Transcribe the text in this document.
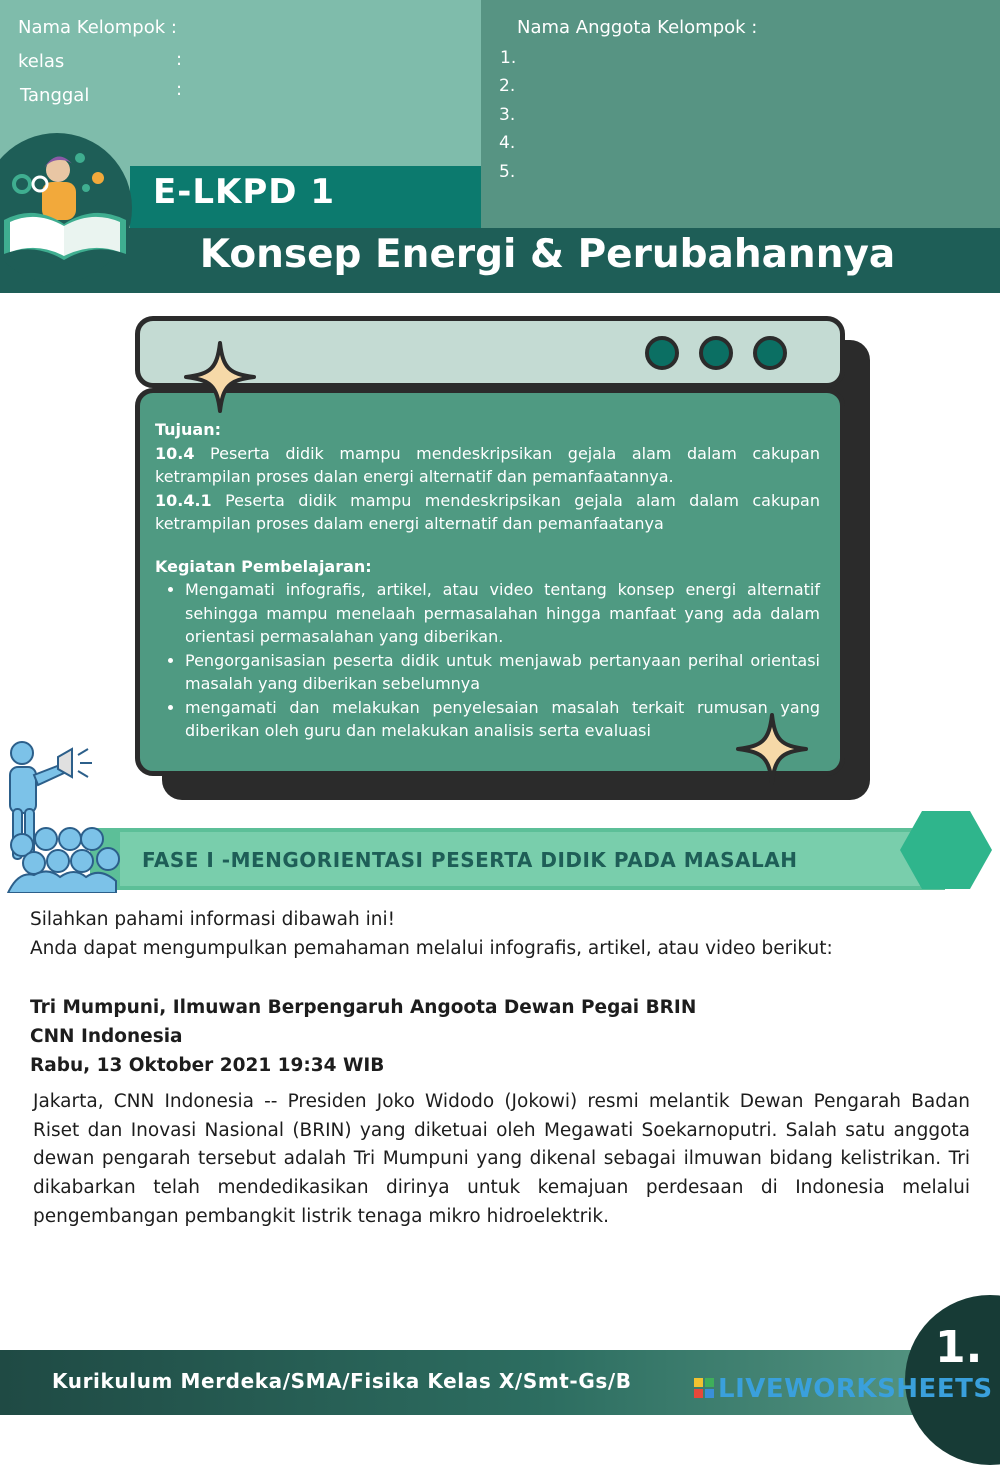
Nama Kelompok :
kelas	:
Tanggal	:
Nama Anggota Kelompok :
1.
2.
3.
4.
5.
E-LKPD 1
Konsep Energi & Perubahannya
Tujuan:
10.4 Peserta didik mampu mendeskripsikan gejala alam dalam cakupan ketrampilan proses dalan energi alternatif dan pemanfaatannya.
10.4.1 Peserta didik mampu mendeskripsikan gejala alam dalam cakupan ketrampilan proses dalam energi alternatif dan pemanfaatanya
Kegiatan Pembelajaran:
• Mengamati infografis, artikel, atau video tentang konsep energi alternatif sehingga mampu menelaah permasalahan hingga manfaat yang ada dalam orientasi permasalahan yang diberikan.
• Pengorganisasian peserta didik untuk menjawab pertanyaan perihal orientasi masalah yang diberikan sebelumnya
• mengamati dan melakukan penyelesaian masalah terkait rumusan yang diberikan oleh guru dan melakukan analisis serta evaluasi
FASE I -MENGORIENTASI PESERTA DIDIK PADA MASALAH
Silahkan pahami informasi dibawah ini!
Anda dapat mengumpulkan pemahaman melalui infografis, artikel, atau video berikut:
Tri Mumpuni, Ilmuwan Berpengaruh Angoota Dewan Pegai BRIN
CNN Indonesia
Rabu, 13 Oktober 2021 19:34 WIB
Jakarta, CNN Indonesia -- Presiden Joko Widodo (Jokowi) resmi melantik Dewan Pengarah Badan Riset dan Inovasi Nasional (BRIN) yang diketuai oleh Megawati Soekarnoputri. Salah satu anggota dewan pengarah tersebut adalah Tri Mumpuni yang dikenal sebagai ilmuwan bidang kelistrikan. Tri dikabarkan telah mendedikasikan dirinya untuk kemajuan perdesaan di Indonesia melalui pengembangan pembangkit listrik tenaga mikro hidroelektrik.
1.
Kurikulum Merdeka/SMA/Fisika Kelas X/Smt-Gs/B	LIVEWORKSHEETS
